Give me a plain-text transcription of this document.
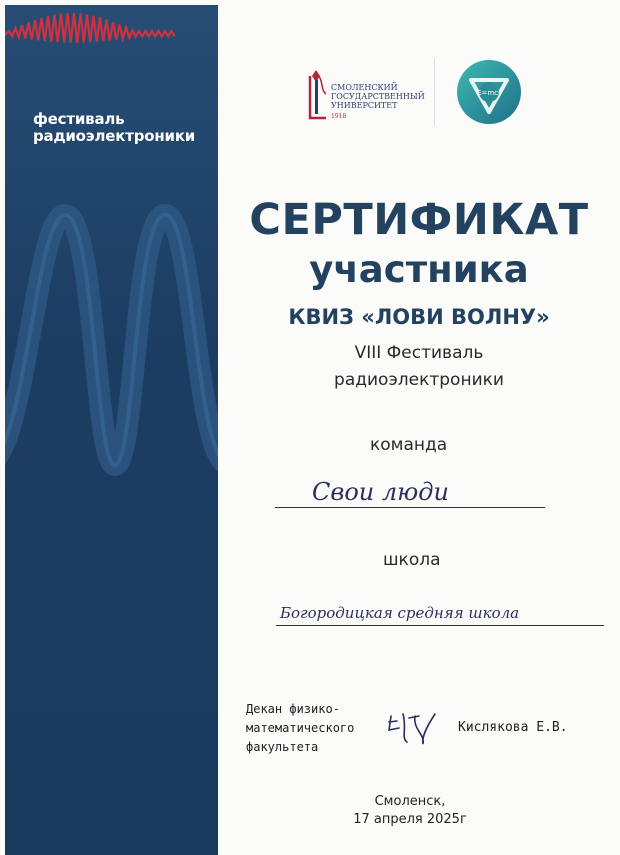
фестиваль радиоэлектроники
СМОЛЕНСКИЙ
ГОСУДАРСТВЕННЫЙ
УНИВЕРСИТЕТ
1918
E=mc²
СЕРТИФИКАТ
участника
КВИЗ «ЛОВИ ВОЛНУ»
VIII Фестиваль
радиоэлектроники
команда
Свои люди
школа
Богородицкая средняя школа
Декан физико-
математического
факультета
Кислякова Е.В.
Смоленск,
17 апреля 2025г
